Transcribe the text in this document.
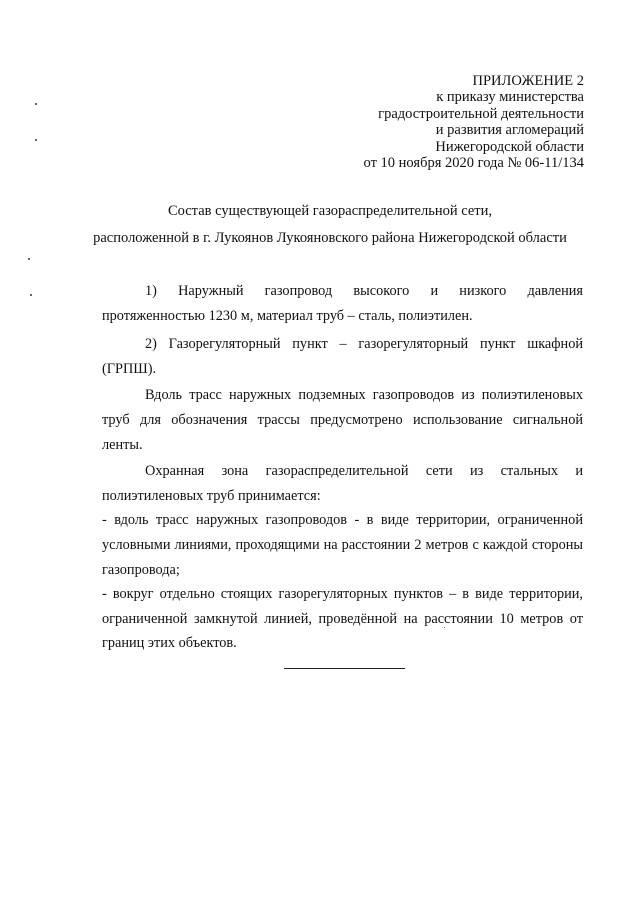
ПРИЛОЖЕНИЕ 2
к приказу министерства
градостроительной деятельности
и развития агломераций
Нижегородской области
от 10 ноября 2020 года № 06-11/134
Состав существующей газораспределительной сети,
расположенной в г. Лукоянов Лукояновского района Нижегородской области

1) Наружный газопровод высокого и низкого давления протяженностью 1230 м, материал труб – сталь, полиэтилен.

2) Газорегуляторный пункт – газорегуляторный пункт шкафной (ГРПШ).

Вдоль трасс наружных подземных газопроводов из полиэтиленовых труб для обозначения трассы предусмотрено использование сигнальной ленты.

Охранная зона газораспределительной сети из стальных и полиэтиленовых труб принимается:

- вдоль трасс наружных газопроводов - в виде территории, ограниченной условными линиями, проходящими на расстоянии 2 метров с каждой стороны газопровода;

- вокруг отдельно стоящих газорегуляторных пунктов – в виде территории, ограниченной замкнутой линией, проведённой на расстоянии 10 метров от границ этих объектов.
